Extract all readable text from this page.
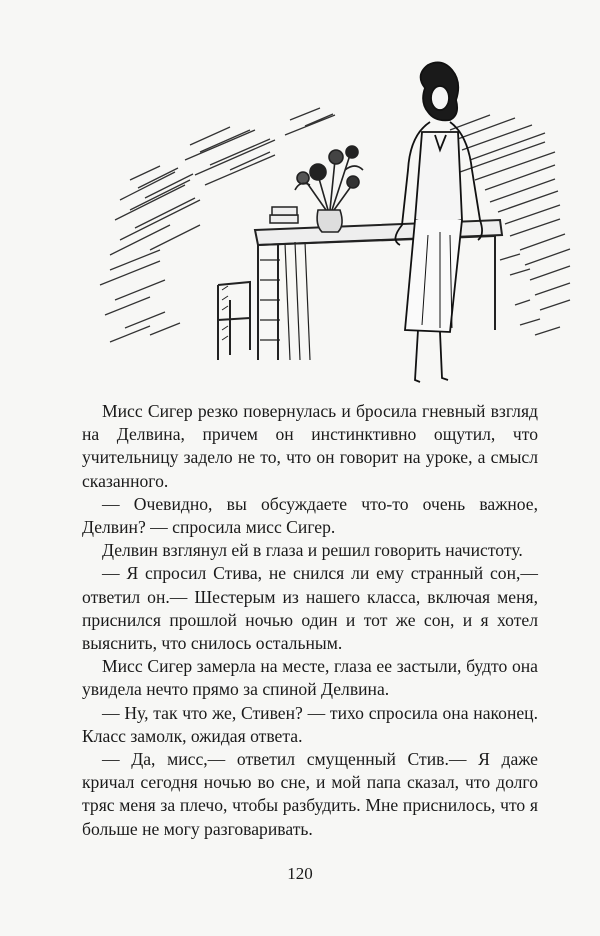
Мисс Сигер резко повернулась и бросила гневный взгляд на Делвина, причем он инстинктивно ощутил, что учительницу задело не то, что он говорит на уроке, а смысл сказанного.

— Очевидно, вы обсуждаете что-то очень важное, Делвин? — спросила мисс Сигер.

Делвин взглянул ей в глаза и решил говорить начистоту.

— Я спросил Стива, не снился ли ему странный сон,— ответил он.— Шестерым из нашего класса, включая меня, приснился прошлой ночью один и тот же сон, и я хотел выяснить, что снилось остальным.

Мисс Сигер замерла на месте, глаза ее застыли, будто она увидела нечто прямо за спиной Делвина.

— Ну, так что же, Стивен? — тихо спросила она наконец. Класс замолк, ожидая ответа.

— Да, мисс,— ответил смущенный Стив.— Я даже кричал сегодня ночью во сне, и мой папа сказал, что долго тряс меня за плечо, чтобы разбудить. Мне приснилось, что я больше не могу разговаривать.

120
